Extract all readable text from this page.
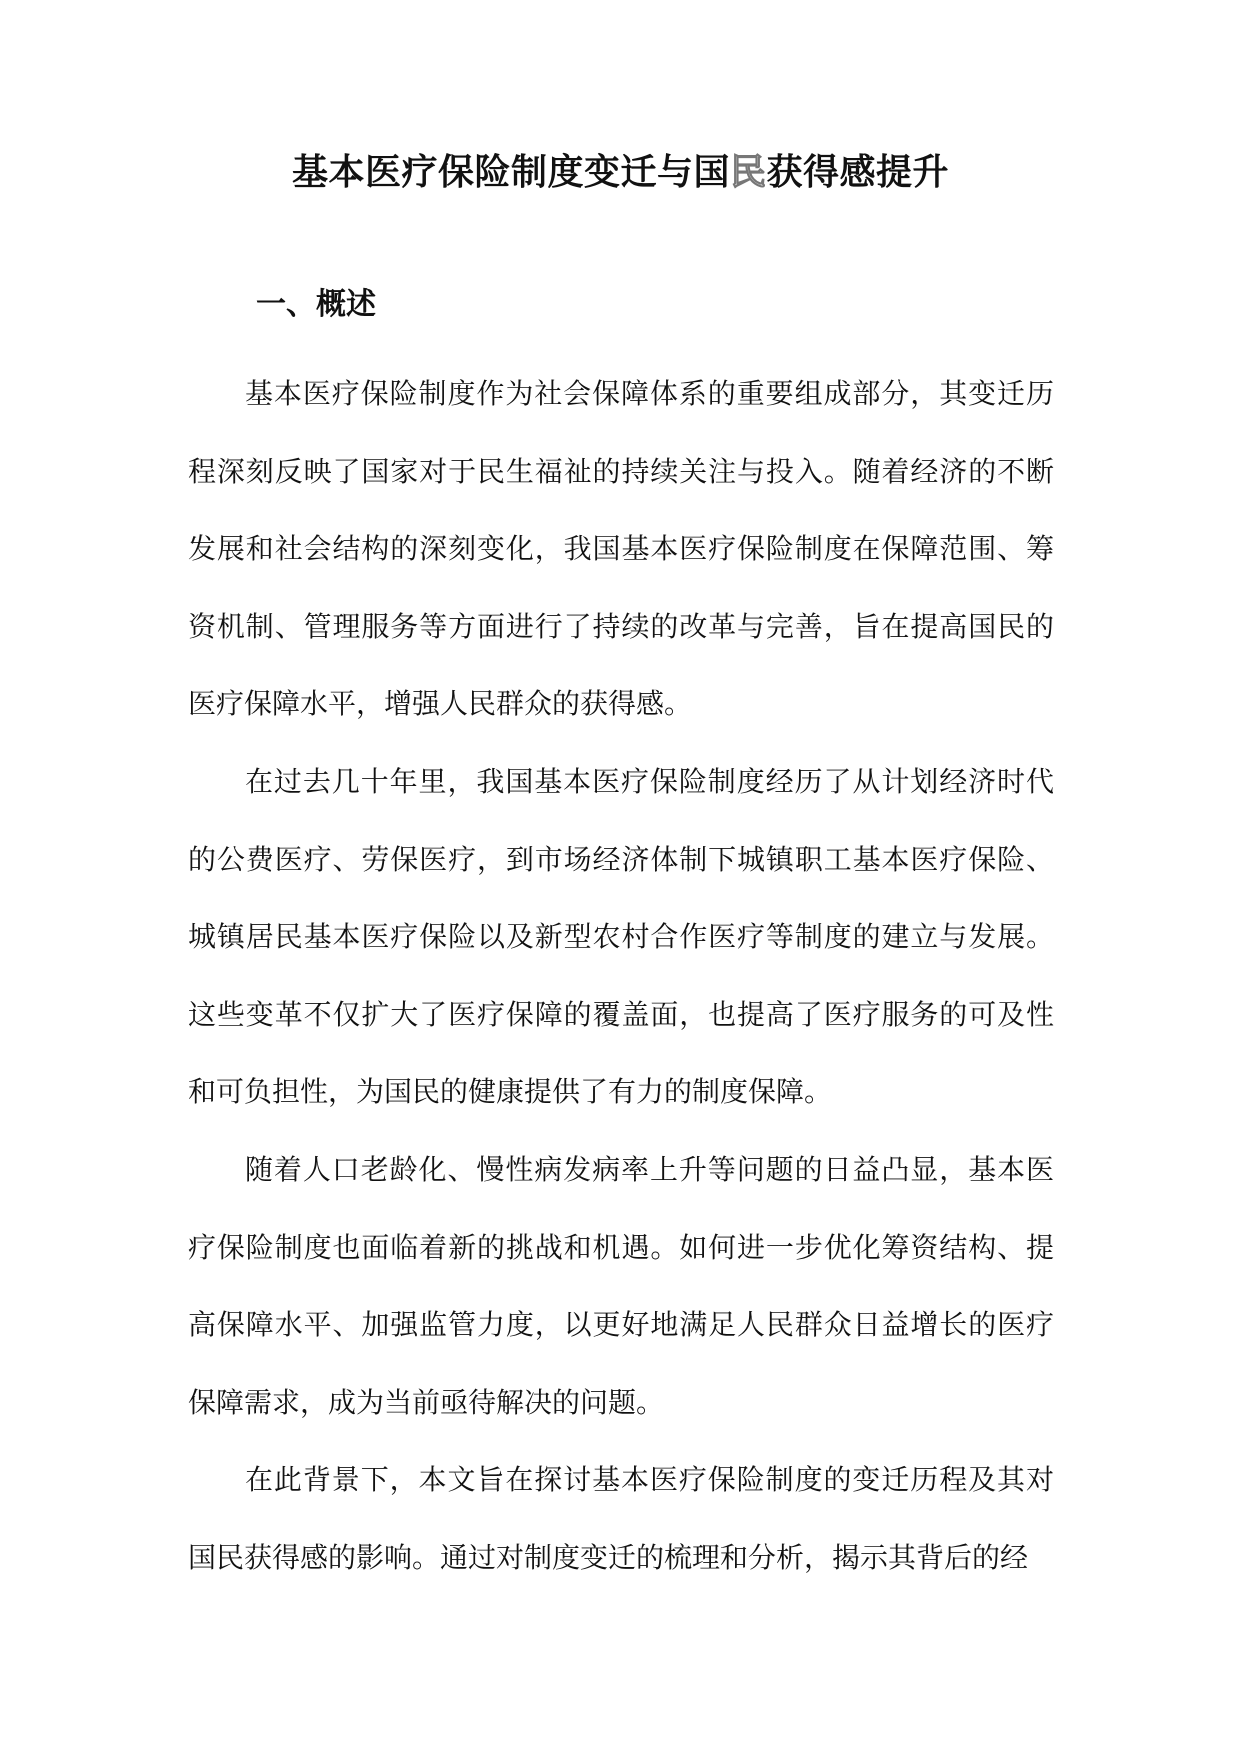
基本医疗保险制度变迁与国民获得感提升
一、概述

基本医疗保险制度作为社会保障体系的重要组成部分，其变迁历程深刻反映了国家对于民生福祉的持续关注与投入。随着经济的不断发展和社会结构的深刻变化，我国基本医疗保险制度在保障范围、筹资机制、管理服务等方面进行了持续的改革与完善，旨在提高国民的医疗保障水平，增强人民群众的获得感。

在过去几十年里，我国基本医疗保险制度经历了从计划经济时代的公费医疗、劳保医疗，到市场经济体制下城镇职工基本医疗保险、城镇居民基本医疗保险以及新型农村合作医疗等制度的建立与发展。这些变革不仅扩大了医疗保障的覆盖面，也提高了医疗服务的可及性和可负担性，为国民的健康提供了有力的制度保障。

随着人口老龄化、慢性病发病率上升等问题的日益凸显，基本医疗保险制度也面临着新的挑战和机遇。如何进一步优化筹资结构、提高保障水平、加强监管力度，以更好地满足人民群众日益增长的医疗保障需求，成为当前亟待解决的问题。

在此背景下，本文旨在探讨基本医疗保险制度的变迁历程及其对国民获得感的影响。通过对制度变迁的梳理和分析，揭示其背后的经
